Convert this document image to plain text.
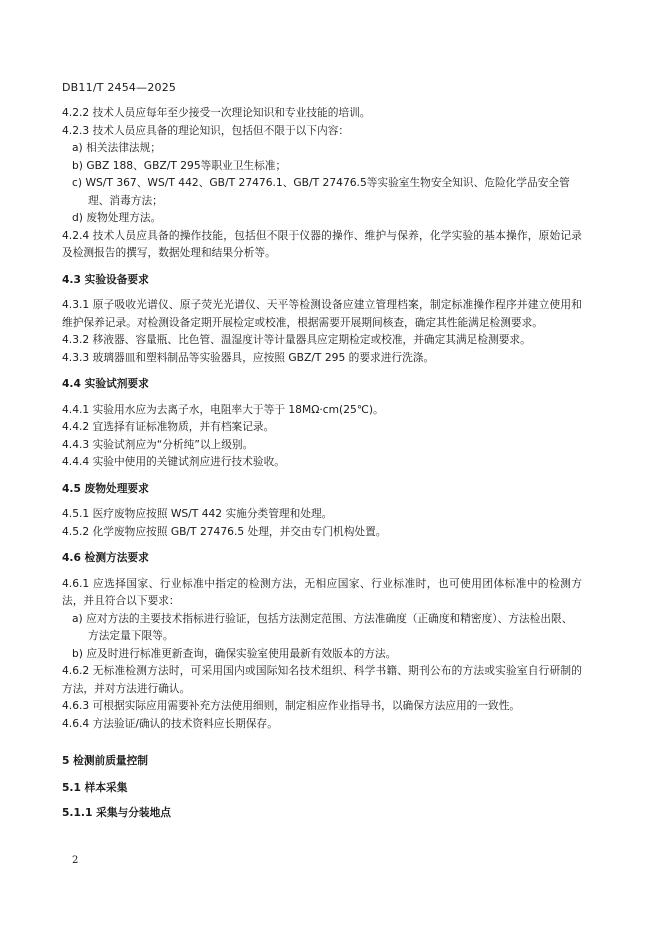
DB11/T 2454—2025

4.2.2 技术人员应每年至少接受一次理论知识和专业技能的培训。

4.2.3 技术人员应具备的理论知识，包括但不限于以下内容：

a) 相关法律法规；

b) GBZ 188、GBZ/T 295等职业卫生标准；

c) WS/T 367、WS/T 442、GB/T 27476.1、GB/T 27476.5等实验室生物安全知识、危险化学品安全管理、消毒方法；

d) 废物处理方法。

4.2.4 技术人员应具备的操作技能，包括但不限于仪器的操作、维护与保养，化学实验的基本操作，原始记录及检测报告的撰写，数据处理和结果分析等。

4.3 实验设备要求

4.3.1 原子吸收光谱仪、原子荧光光谱仪、天平等检测设备应建立管理档案，制定标准操作程序并建立使用和维护保养记录。对检测设备定期开展检定或校准，根据需要开展期间核查，确定其性能满足检测要求。

4.3.2 移液器、容量瓶、比色管、温湿度计等计量器具应定期检定或校准，并确定其满足检测要求。

4.3.3 玻璃器皿和塑料制品等实验器具，应按照 GBZ/T 295 的要求进行洗涤。

4.4 实验试剂要求

4.4.1 实验用水应为去离子水，电阻率大于等于 18MΩ·cm(25℃)。

4.4.2 宜选择有证标准物质，并有档案记录。

4.4.3 实验试剂应为“分析纯”以上级别。

4.4.4 实验中使用的关键试剂应进行技术验收。

4.5 废物处理要求

4.5.1 医疗废物应按照 WS/T 442 实施分类管理和处理。

4.5.2 化学废物应按照 GB/T 27476.5 处理，并交由专门机构处置。

4.6 检测方法要求

4.6.1 应选择国家、行业标准中指定的检测方法，无相应国家、行业标准时，也可使用团体标准中的检测方法，并且符合以下要求：

a) 应对方法的主要技术指标进行验证，包括方法测定范围、方法准确度（正确度和精密度）、方法检出限、方法定量下限等。

b) 应及时进行标准更新查询，确保实验室使用最新有效版本的方法。

4.6.2 无标准检测方法时，可采用国内或国际知名技术组织、科学书籍、期刊公布的方法或实验室自行研制的方法，并对方法进行确认。

4.6.3 可根据实际应用需要补充方法使用细则，制定相应作业指导书，以确保方法应用的一致性。

4.6.4 方法验证/确认的技术资料应长期保存。

5 检测前质量控制

5.1 样本采集

5.1.1 采集与分装地点

2
